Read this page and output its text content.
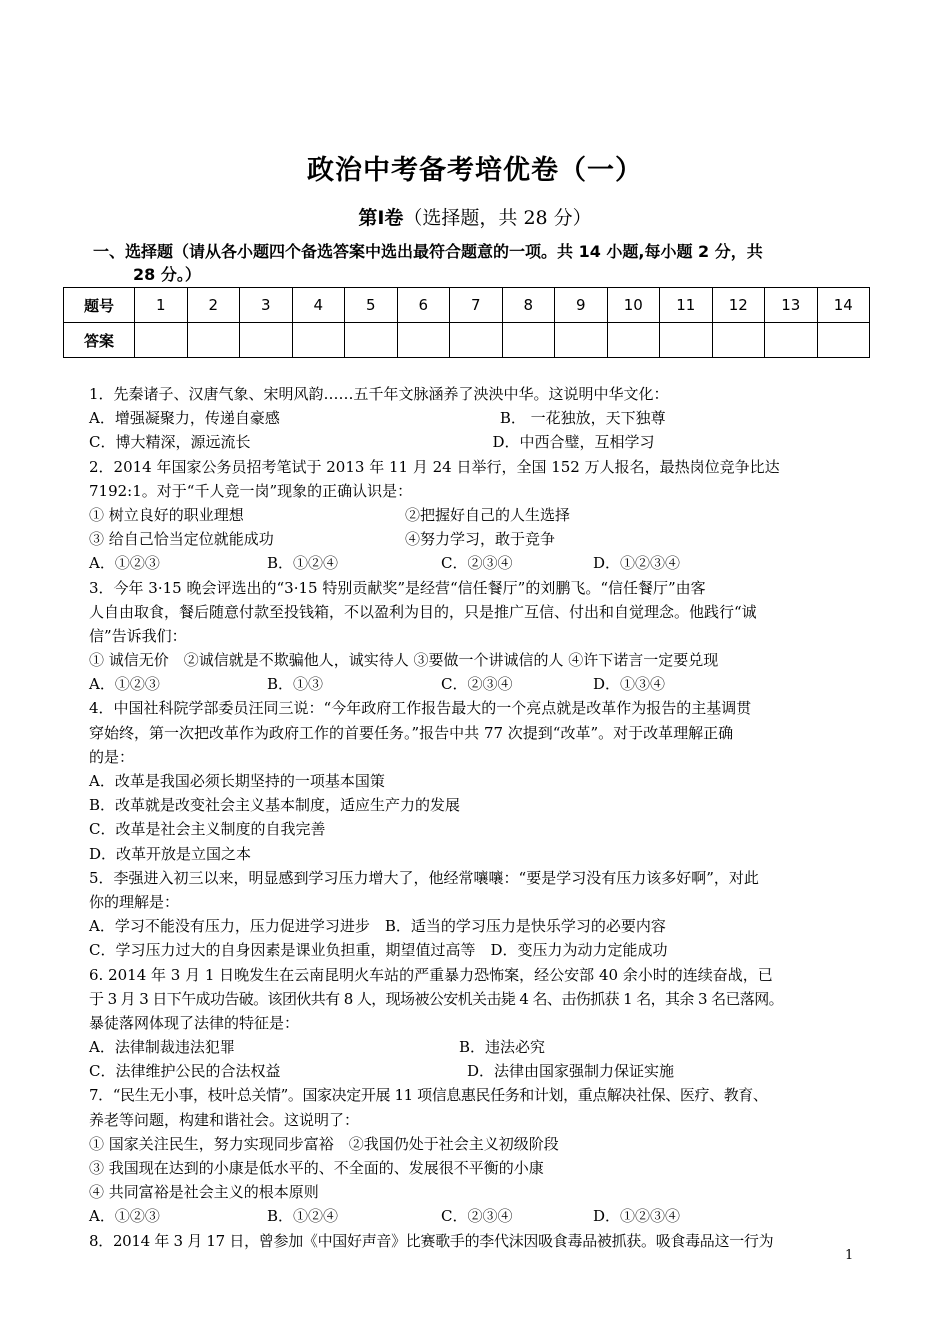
政治中考备考培优卷（一）
第Ⅰ卷（选择题，共 28 分）
一、选择题（请从各小题四个备选答案中选出最符合题意的一项。共 14 小题,每小题 2 分，共
28 分。）
题号	1	2	3	4	5	6	7	8	9	10	11	12	13	14
答案														
1．先秦诸子、汉唐气象、宋明风韵……五千年文脉涵养了泱泱中华。这说明中华文化：
A．增强凝聚力，传递自豪感	B． 一花独放，天下独尊
C．博大精深，源远流长	D．中西合璧，互相学习
2．2014 年国家公务员招考笔试于 2013 年 11 月 24 日举行，全国 152 万人报名，最热岗位竞争比达
7192:1。对于“千人竞一岗”现象的正确认识是：
① 树立良好的职业理想	②把握好自己的人生选择
③ 给自己恰当定位就能成功	④努力学习，敢于竞争
A．①②③	B．①②④	C．②③④	D．①②③④
3．今年 3·15 晚会评选出的“3·15 特别贡献奖”是经营“信任餐厅”的刘鹏飞。“信任餐厅”由客
人自由取食，餐后随意付款至投钱箱，不以盈利为目的，只是推广互信、付出和自觉理念。他践行“诚
信”告诉我们：
① 诚信无价　②诚信就是不欺骗他人，诚实待人 ③要做一个讲诚信的人 ④许下诺言一定要兑现
A．①②③	B．①③	C．②③④	D．①③④
4．中国社科院学部委员汪同三说：“今年政府工作报告最大的一个亮点就是改革作为报告的主基调贯
穿始终，第一次把改革作为政府工作的首要任务。”报告中共 77 次提到“改革”。对于改革理解正确
的是：
A．改革是我国必须长期坚持的一项基本国策
B．改革就是改变社会主义基本制度，适应生产力的发展
C．改革是社会主义制度的自我完善
D．改革开放是立国之本
5．李强进入初三以来，明显感到学习压力增大了，他经常嚷嚷：“要是学习没有压力该多好啊”，对此
你的理解是：
A．学习不能没有压力，压力促进学习进步　B．适当的学习压力是快乐学习的必要内容
C．学习压力过大的自身因素是课业负担重，期望值过高等　D．变压力为动力定能成功
6. 2014 年 3 月 1 日晚发生在云南昆明火车站的严重暴力恐怖案，经公安部 40 余小时的连续奋战，已
于 3 月 3 日下午成功告破。该团伙共有 8 人，现场被公安机关击毙 4 名、击伤抓获 1 名，其余 3 名已落网。
暴徒落网体现了法律的特征是：
A．法律制裁违法犯罪	B．违法必究
C．法律维护公民的合法权益	D．法律由国家强制力保证实施
7．“民生无小事，枝叶总关情”。国家决定开展 11 项信息惠民任务和计划，重点解决社保、医疗、教育、
养老等问题，构建和谐社会。这说明了：
① 国家关注民生，努力实现同步富裕　②我国仍处于社会主义初级阶段
③ 我国现在达到的小康是低水平的、不全面的、发展很不平衡的小康
④ 共同富裕是社会主义的根本原则
A．①②③	B．①②④	C．②③④	D．①②③④
8．2014 年 3 月 17 日，曾参加《中国好声音》比赛歌手的李代沫因吸食毒品被抓获。吸食毒品这一行为
1
